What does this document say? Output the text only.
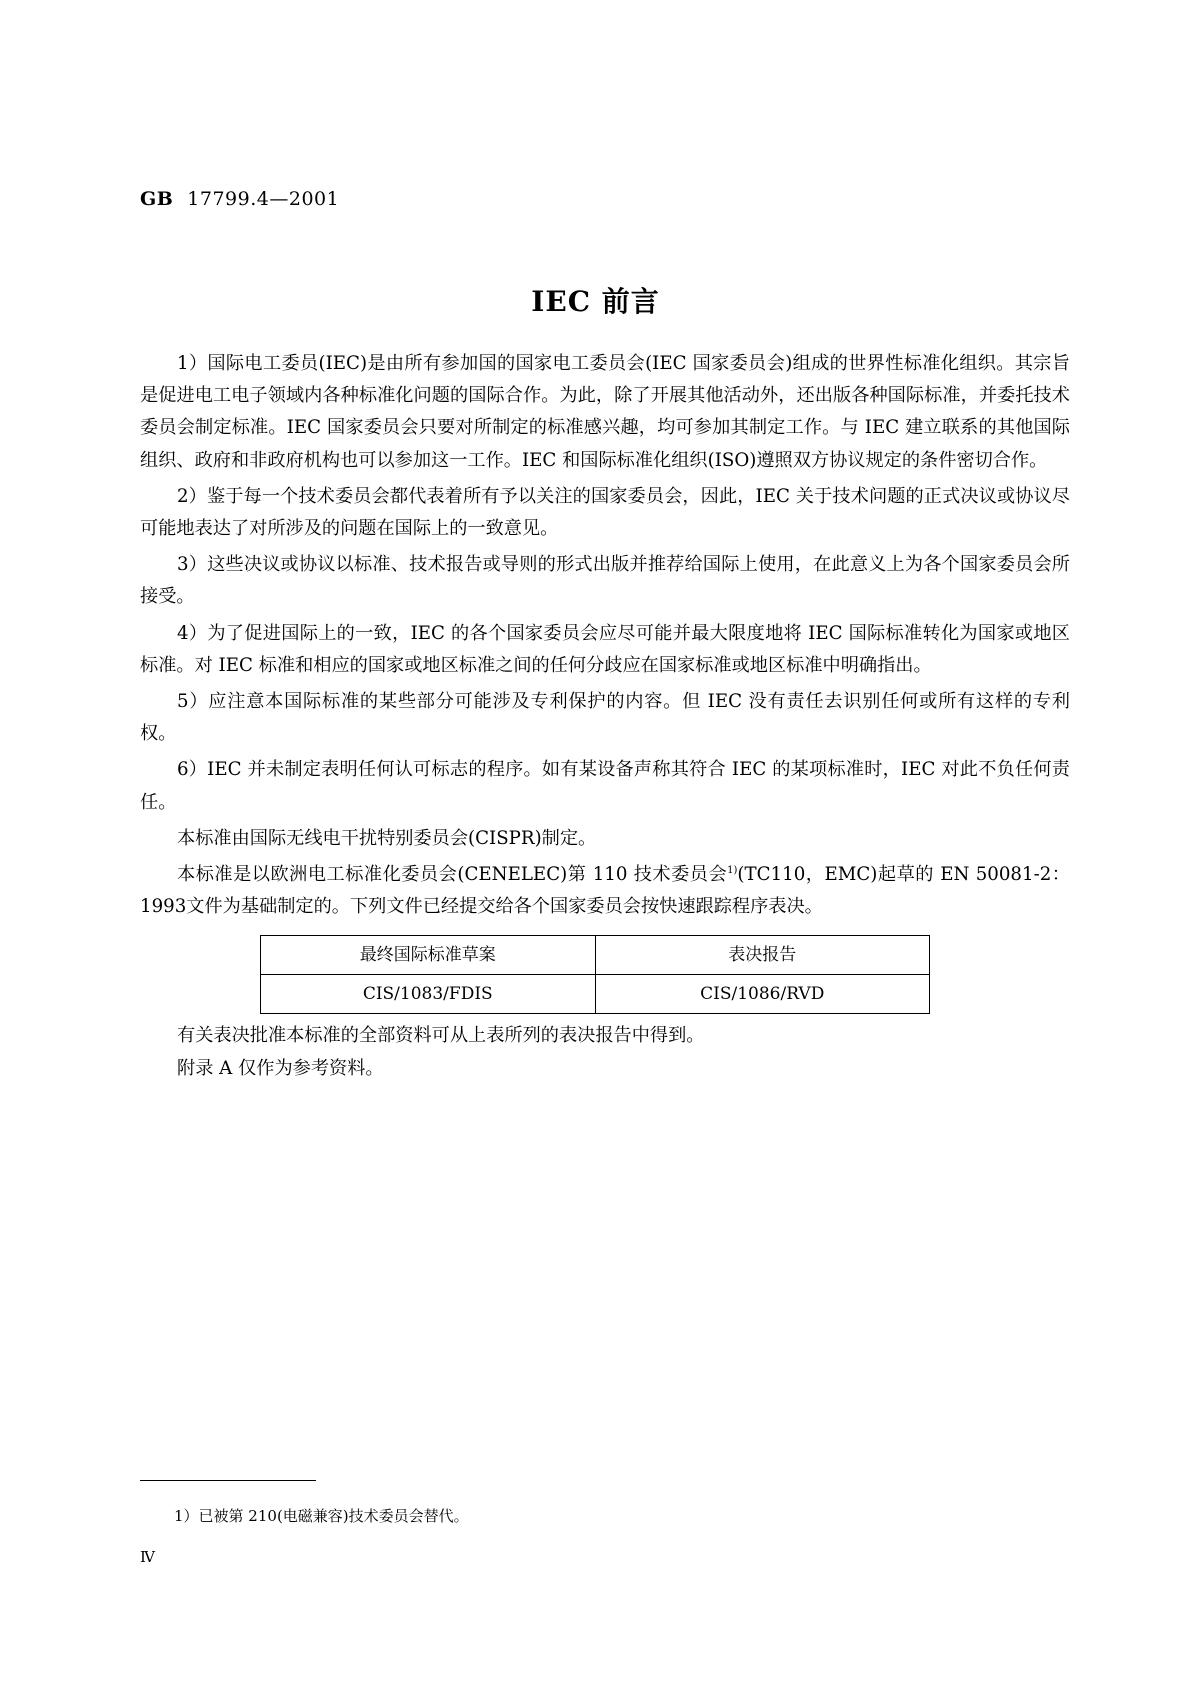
GB 17799.4—2001
IEC 前言

1）国际电工委员(IEC)是由所有参加国的国家电工委员会(IEC 国家委员会)组成的世界性标准化组织。其宗旨是促进电工电子领域内各种标准化问题的国际合作。为此，除了开展其他活动外，还出版各种国际标准，并委托技术委员会制定标准。IEC 国家委员会只要对所制定的标准感兴趣，均可参加其制定工作。与 IEC 建立联系的其他国际组织、政府和非政府机构也可以参加这一工作。IEC 和国际标准化组织(ISO)遵照双方协议规定的条件密切合作。

2）鉴于每一个技术委员会都代表着所有予以关注的国家委员会，因此，IEC 关于技术问题的正式决议或协议尽可能地表达了对所涉及的问题在国际上的一致意见。

3）这些决议或协议以标准、技术报告或导则的形式出版并推荐给国际上使用，在此意义上为各个国家委员会所接受。

4）为了促进国际上的一致，IEC 的各个国家委员会应尽可能并最大限度地将 IEC 国际标准转化为国家或地区标准。对 IEC 标准和相应的国家或地区标准之间的任何分歧应在国家标准或地区标准中明确指出。

5）应注意本国际标准的某些部分可能涉及专利保护的内容。但 IEC 没有责任去识别任何或所有这样的专利权。

6）IEC 并未制定表明任何认可标志的程序。如有某设备声称其符合 IEC 的某项标准时，IEC 对此不负任何责任。

本标准由国际无线电干扰特别委员会(CISPR)制定。

本标准是以欧洲电工标准化委员会(CENELEC)第 110 技术委员会$^{1)}$(TC110，EMC)起草的 EN 50081-2：1993文件为基础制定的。下列文件已经提交给各个国家委员会按快速跟踪程序表决。

最终国际标准草案	表决报告
CIS/1083/FDIS	CIS/1086/RVD

有关表决批准本标准的全部资料可从上表所列的表决报告中得到。

附录 A 仅作为参考资料。

1）已被第 210(电磁兼容)技术委员会替代。
Ⅳ
